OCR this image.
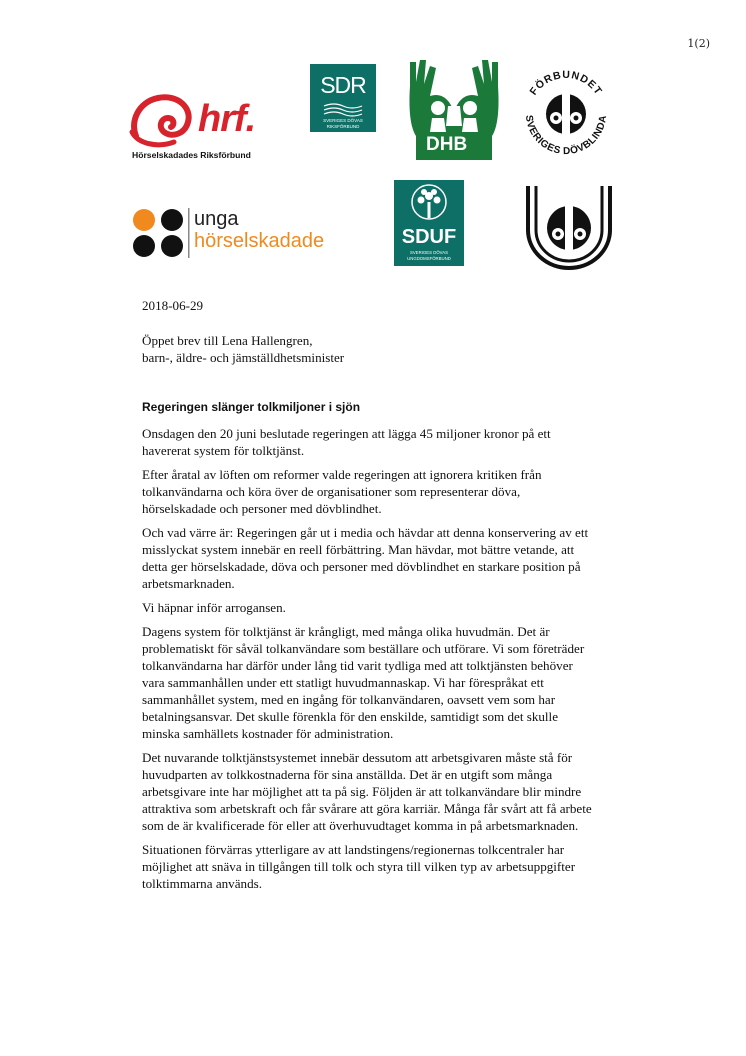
1(2)
hrf.
Hörselskadades Riksförbund
SDR
SVERIGES DÖVAS
RIKSFÖRBUND
DHB
FÖRBUNDET
SVERIGES DÖVBLINDA
unga
hörselskadade	SDUF
SVERIGES DÖVAS
UNGDOMSFÖRBUND
2018-06-29
Öppet brev till Lena Hallengren,
barn-, äldre- och jämställdhetsminister
Regeringen slänger tolkmiljoner i sjön
Onsdagen den 20 juni beslutade regeringen att lägga 45 miljoner kronor på ett
havererat system för tolktjänst.
Efter åratal av löften om reformer valde regeringen att ignorera kritiken från
tolkanvändarna och köra över de organisationer som representerar döva,
hörselskadade och personer med dövblindhet.
Och vad värre är: Regeringen går ut i media och hävdar att denna konservering av ett
misslyckat system innebär en reell förbättring. Man hävdar, mot bättre vetande, att
detta ger hörselskadade, döva och personer med dövblindhet en starkare position på
arbetsmarknaden.
Vi häpnar inför arrogansen.
Dagens system för tolktjänst är krångligt, med många olika huvudmän. Det är
problematiskt för såväl tolkanvändare som beställare och utförare. Vi som företräder
tolkanvändarna har därför under lång tid varit tydliga med att tolktjänsten behöver
vara sammanhållen under ett statligt huvudmannaskap. Vi har förespråkat ett
sammanhållet system, med en ingång för tolkanvändaren, oavsett vem som har
betalningsansvar. Det skulle förenkla för den enskilde, samtidigt som det skulle
minska samhällets kostnader för administration.
Det nuvarande tolktjänstsystemet innebär dessutom att arbetsgivaren måste stå för
huvudparten av tolkkostnaderna för sina anställda. Det är en utgift som många
arbetsgivare inte har möjlighet att ta på sig. Följden är att tolkanvändare blir mindre
attraktiva som arbetskraft och får svårare att göra karriär. Många får svårt att få arbete
som de är kvalificerade för eller att överhuvudtaget komma in på arbetsmarknaden.
Situationen förvärras ytterligare av att landstingens/regionernas tolkcentraler har
möjlighet att snäva in tillgången till tolk och styra till vilken typ av arbetsuppgifter
tolktimmarna används.
